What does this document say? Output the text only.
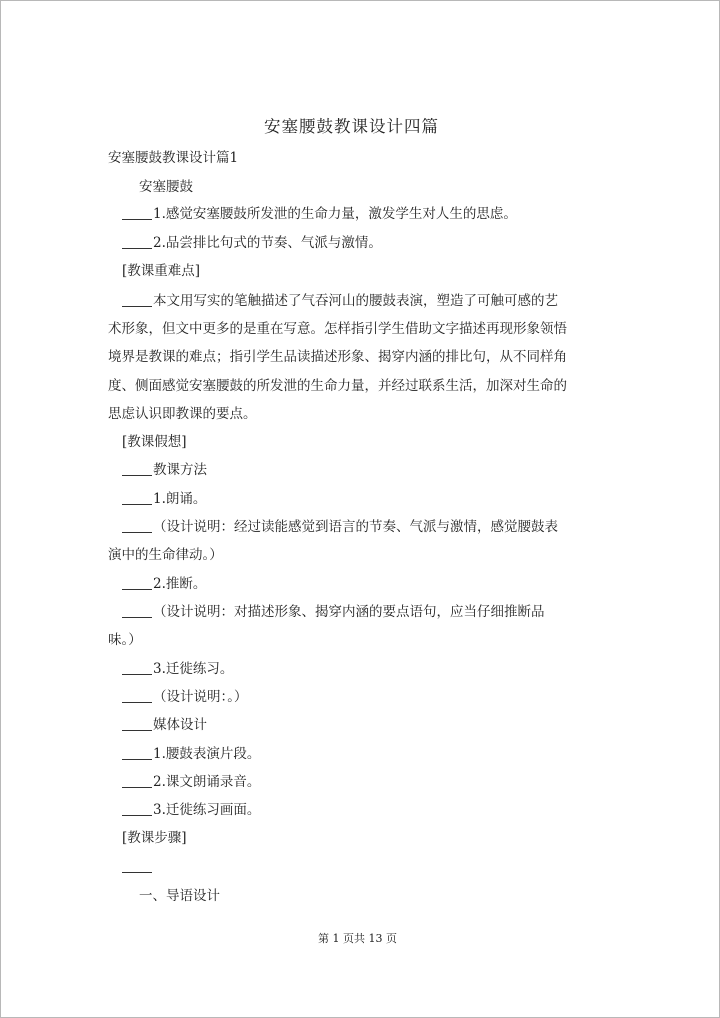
安塞腰鼓教课设计四篇
安塞腰鼓教课设计篇1
安塞腰鼓
1.感觉安塞腰鼓所发泄的生命力量，激发学生对人生的思虑。
2.品尝排比句式的节奏、气派与激情。
[教课重难点]
本文用写实的笔触描述了气吞河山的腰鼓表演，塑造了可触可感的艺
术形象，但文中更多的是重在写意。怎样指引学生借助文字描述再现形象领悟
境界是教课的难点；指引学生品读描述形象、揭穿内涵的排比句，从不同样角
度、侧面感觉安塞腰鼓的所发泄的生命力量，并经过联系生活，加深对生命的
思虑认识即教课的要点。
[教课假想]
教课方法
1.朗诵。
（设计说明：经过读能感觉到语言的节奏、气派与激情，感觉腰鼓表
演中的生命律动。）
2.推断。
（设计说明：对描述形象、揭穿内涵的要点语句，应当仔细推断品
味。）
3.迁徙练习。
（设计说明：。）
媒体设计
1.腰鼓表演片段。
2.课文朗诵录音。
3.迁徙练习画面。
[教课步骤]
一、导语设计
第 1 页共 13 页
